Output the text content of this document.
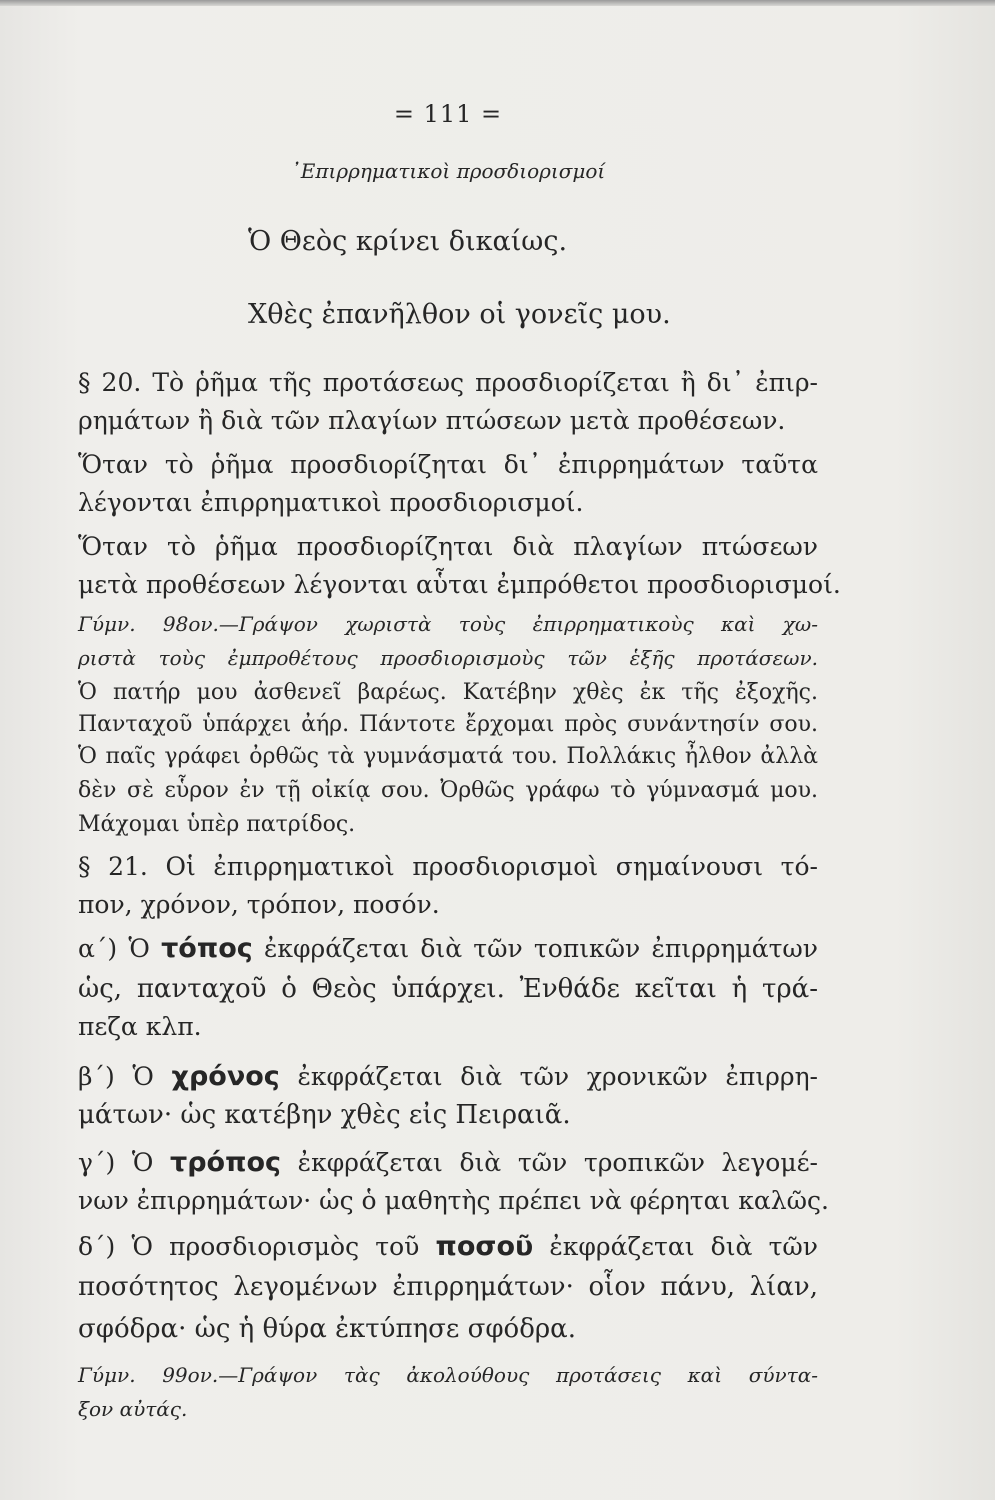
= 111 =
᾿Επιρρηματικοὶ προσδιορισμοί
Ὁ Θεὸς κρίνει δικαίως.
Χθὲς ἐπανῆλθον οἱ γονεῖς μου.
§ 20. Τὸ ῥῆμα τῆς προτάσεως προσδιορίζεται ἢ δι᾿ ἐπιρ-
ρημάτων ἢ διὰ τῶν πλαγίων πτώσεων μετὰ προθέσεων.
Ὅταν τὸ ῥῆμα προσδιορίζηται δι᾿ ἐπιρρημάτων ταῦτα
λέγονται ἐπιρρηματικοὶ προσδιορισμοί.
Ὅταν τὸ ῥῆμα προσδιορίζηται διὰ πλαγίων πτώσεων
μετὰ προθέσεων λέγονται αὗται ἐμπρόθετοι προσδιορισμοί.
Γύμν. 98ον.—Γράψον χωριστὰ τοὺς ἐπιρρηματικοὺς καὶ χω-
ριστὰ τοὺς ἐμπροθέτους προσδιορισμοὺς τῶν ἑξῆς προτάσεων.
Ὁ πατήρ μου ἀσθενεῖ βαρέως. Κατέβην χθὲς ἐκ τῆς ἐξοχῆς.
Πανταχοῦ ὑπάρχει ἀήρ. Πάντοτε ἔρχομαι πρὸς συνάντησίν σου.
Ὁ παῖς γράφει ὀρθῶς τὰ γυμνάσματά του. Πολλάκις ἦλθον ἀλλὰ
δὲν σὲ εὗρον ἐν τῇ οἰκίᾳ σου. Ὀρθῶς γράφω τὸ γύμνασμά μου.
Μάχομαι ὑπὲρ πατρίδος.
§ 21. Οἱ ἐπιρρηματικοὶ προσδιορισμοὶ σημαίνουσι τό-
πον, χρόνον, τρόπον, ποσόν.
α΄) Ὁ τόπος ἐκφράζεται διὰ τῶν τοπικῶν ἐπιρρημάτων
ὡς, πανταχοῦ ὁ Θεὸς ὑπάρχει. Ἐνθάδε κεῖται ἡ τρά-
πεζα κλπ.
β΄) Ὁ χρόνος ἐκφράζεται διὰ τῶν χρονικῶν ἐπιρρη-
μάτων· ὡς κατέβην χθὲς εἰς Πειραιᾶ.
γ΄) Ὁ τρόπος ἐκφράζεται διὰ τῶν τροπικῶν λεγομέ-
νων ἐπιρρημάτων· ὡς ὁ μαθητὴς πρέπει νὰ φέρηται καλῶς.
δ΄) Ὁ προσδιορισμὸς τοῦ ποσοῦ ἐκφράζεται διὰ τῶν
ποσότητος λεγομένων ἐπιρρημάτων· οἷον πάνυ, λίαν,
σφόδρα· ὡς ἡ θύρα ἐκτύπησε σφόδρα.
Γύμν. 99ον.—Γράψον τὰς ἀκολούθους προτάσεις καὶ σύντα-
ξον αὐτάς.
